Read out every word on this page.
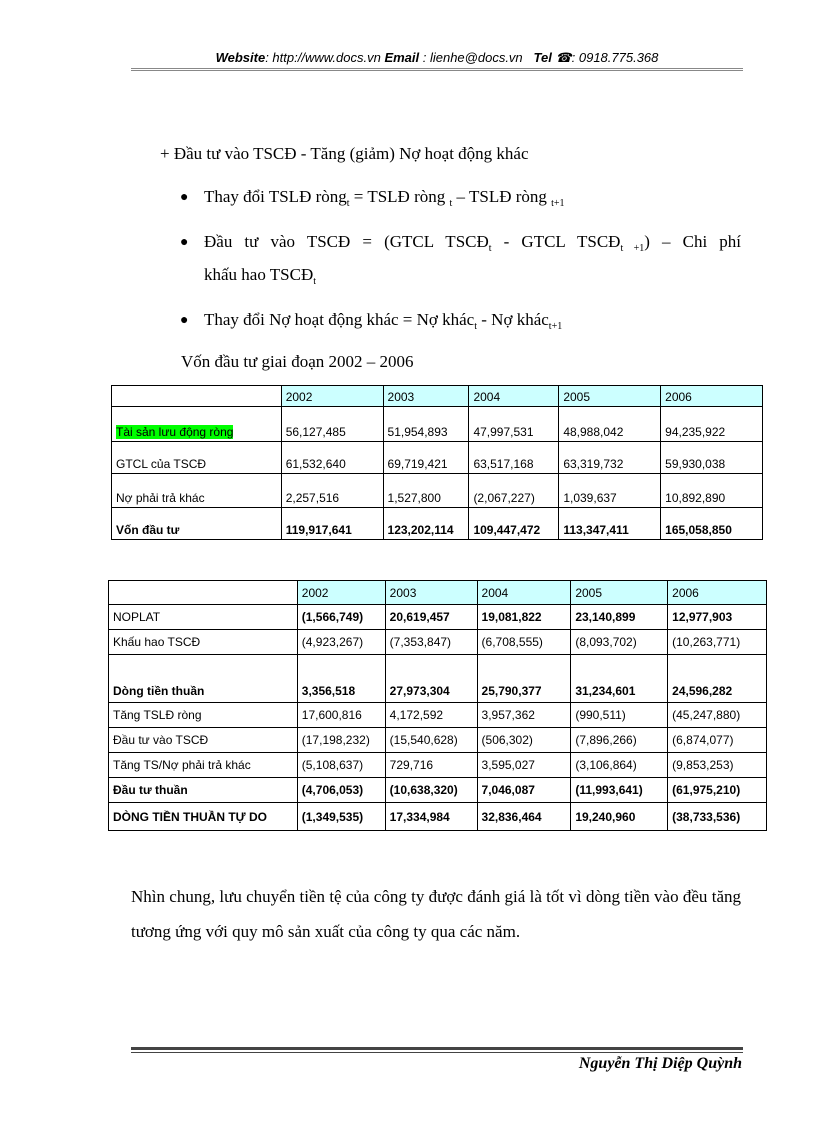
Website: http://www.docs.vn Email : lienhe@docs.vn Tel ☎: 0918.775.368
+ Đầu tư vào TSCĐ - Tăng (giảm) Nợ hoạt động khác
● Thay đổi TSLĐ ròng$_t$ = TSLĐ ròng $_t$ – TSLĐ ròng $_{t+1}$
● Đầu tư vào TSCĐ = (GTCL $TSCĐ_t$ - GTCL $TSCĐ_{t +1}$) – Chi phí
khấu hao $TSCĐ_t$
● Thay đổi Nợ hoạt động khác = Nợ khác$_t$ - Nợ khác$_{t+1}$
Vốn đầu tư giai đoạn 2002 – 2006
	2002	2003	2004	2005	2006
Tài sản lưu động ròng	56,127,485	51,954,893	47,997,531	48,988,042	94,235,922
GTCL của TSCĐ	61,532,640	69,719,421	63,517,168	63,319,732	59,930,038
Nợ phải trả khác	2,257,516	1,527,800	(2,067,227)	1,039,637	10,892,890
Vốn đầu tư	119,917,641	123,202,114	109,447,472	113,347,411	165,058,850
	2002	2003	2004	2005	2006
NOPLAT	(1,566,749)	20,619,457	19,081,822	23,140,899	12,977,903
Khấu hao TSCĐ	(4,923,267)	(7,353,847)	(6,708,555)	(8,093,702)	(10,263,771)
Dòng tiền thuần	3,356,518	27,973,304	25,790,377	31,234,601	24,596,282
Tăng TSLĐ ròng	17,600,816	4,172,592	3,957,362	(990,511)	(45,247,880)
Đầu tư vào TSCĐ	(17,198,232)	(15,540,628)	(506,302)	(7,896,266)	(6,874,077)
Tăng TS/Nợ phải trả khác	(5,108,637)	729,716	3,595,027	(3,106,864)	(9,853,253)
Đầu tư thuần	(4,706,053)	(10,638,320)	7,046,087	(11,993,641)	(61,975,210)
DÒNG TIỀN THUẦN TỰ DO	(1,349,535)	17,334,984	32,836,464	19,240,960	(38,733,536)
Nhìn chung, lưu chuyển tiền tệ của công ty được đánh giá là tốt vì dòng tiền vào đều tăng tương ứng với quy mô sản xuất của công ty qua các năm.
Nguyễn Thị Diệp Quỳnh
